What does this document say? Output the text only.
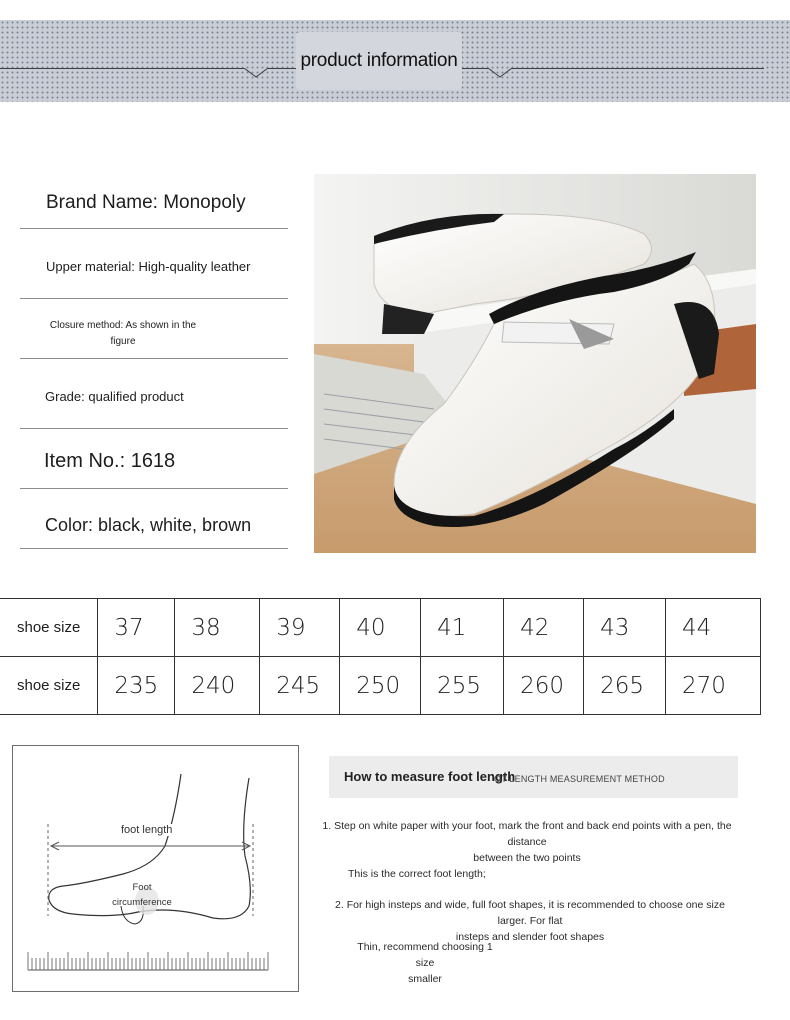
product information
Brand Name: Monopoly
Upper material: High-quality leather
Closure method: As shown in the
figure
Grade: qualified product
Item No.: 1618
Color: black, white, brown
shoe size	37	38	39	40	41	42	43	44
shoe size	235	240	245	250	255	260	265	270
foot length
Foot
circumference
How to measure foot length
OT LENGTH MEASUREMENT METHOD
1. Step on white paper with your foot, mark the front and back end points with a pen, the distance
between the two points
This is the correct foot length;
2. For high insteps and wide, full foot shapes, it is recommended to choose one size larger. For flat
insteps and slender foot shapes
Thin, recommend choosing 1 size
smaller
